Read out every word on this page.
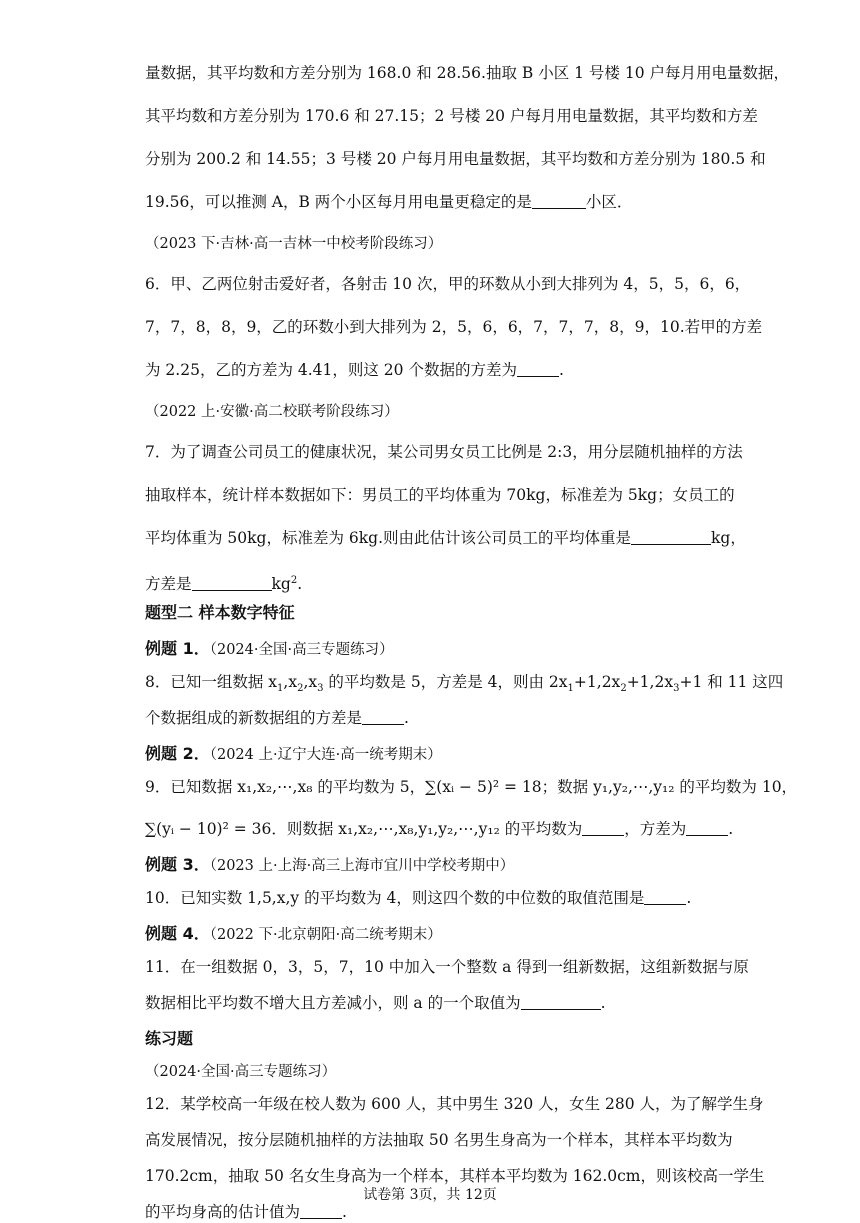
量数据，其平均数和方差分别为 168.0 和 28.56.抽取 B 小区 1 号楼 10 户每月用电量数据，
其平均数和方差分别为 170.6 和 27.15；2 号楼 20 户每月用电量数据，其平均数和方差
分别为 200.2 和 14.55；3 号楼 20 户每月用电量数据，其平均数和方差分别为 180.5 和
19.56，可以推测 A，B 两个小区每月用电量更稳定的是	小区．
（2023 下·吉林·高一吉林一中校考阶段练习）
6．甲、乙两位射击爱好者，各射击 10 次，甲的环数从小到大排列为 4，5，5，6，6，
7，7，8，8，9，乙的环数小到大排列为 2，5，6，6，7，7，7，8，9，10.若甲的方差
为 2.25，乙的方差为 4.41，则这 20 个数据的方差为	.
（2022 上·安徽·高二校联考阶段练习）
7．为了调查公司员工的健康状况，某公司男女员工比例是 2:3，用分层随机抽样的方法
抽取样本，统计样本数据如下：男员工的平均体重为 70kg，标准差为 5kg；女员工的
平均体重为 50kg，标准差为 6kg.则由此估计该公司员工的平均体重是	kg，
方差是	$kg^2$.
题型二 样本数字特征
例题 1．（2024·全国·高三专题练习）
8．已知一组数据 $x_1,x_2,x_3$ 的平均数是 5，方差是 4，则由 $2x_1+1,2x_2+1,2x_3+1$ 和 11 这四
个数据组成的新数据组的方差是	.
例题 2．（2024 上·辽宁大连·高一统考期末）
9．已知数据 x₁,x₂,⋯,x₈ 的平均数为 5，∑(xᵢ − 5)² = 18；数据 y₁,y₂,⋯,y₁₂ 的平均数为 10，
∑(yᵢ − 10)² = 36．则数据 x₁,x₂,⋯,x₈,y₁,y₂,⋯,y₁₂ 的平均数为	，方差为	.
例题 3．（2023 上·上海·高三上海市宜川中学校考期中）
10．已知实数 1,5,x,y 的平均数为 4，则这四个数的中位数的取值范围是	.
例题 4．（2022 下·北京朝阳·高二统考期末）
11．在一组数据 0，3，5，7，10 中加入一个整数 a 得到一组新数据，这组新数据与原
数据相比平均数不增大且方差减小，则 a 的一个取值为	.
练习题
（2024·全国·高三专题练习）
12．某学校高一年级在校人数为 600 人，其中男生 320 人，女生 280 人，为了解学生身
高发展情况，按分层随机抽样的方法抽取 50 名男生身高为一个样本，其样本平均数为
170.2cm，抽取 50 名女生身高为一个样本，其样本平均数为 162.0cm，则该校高一学生
的平均身高的估计值为	.
试卷第 3页，共 12页
